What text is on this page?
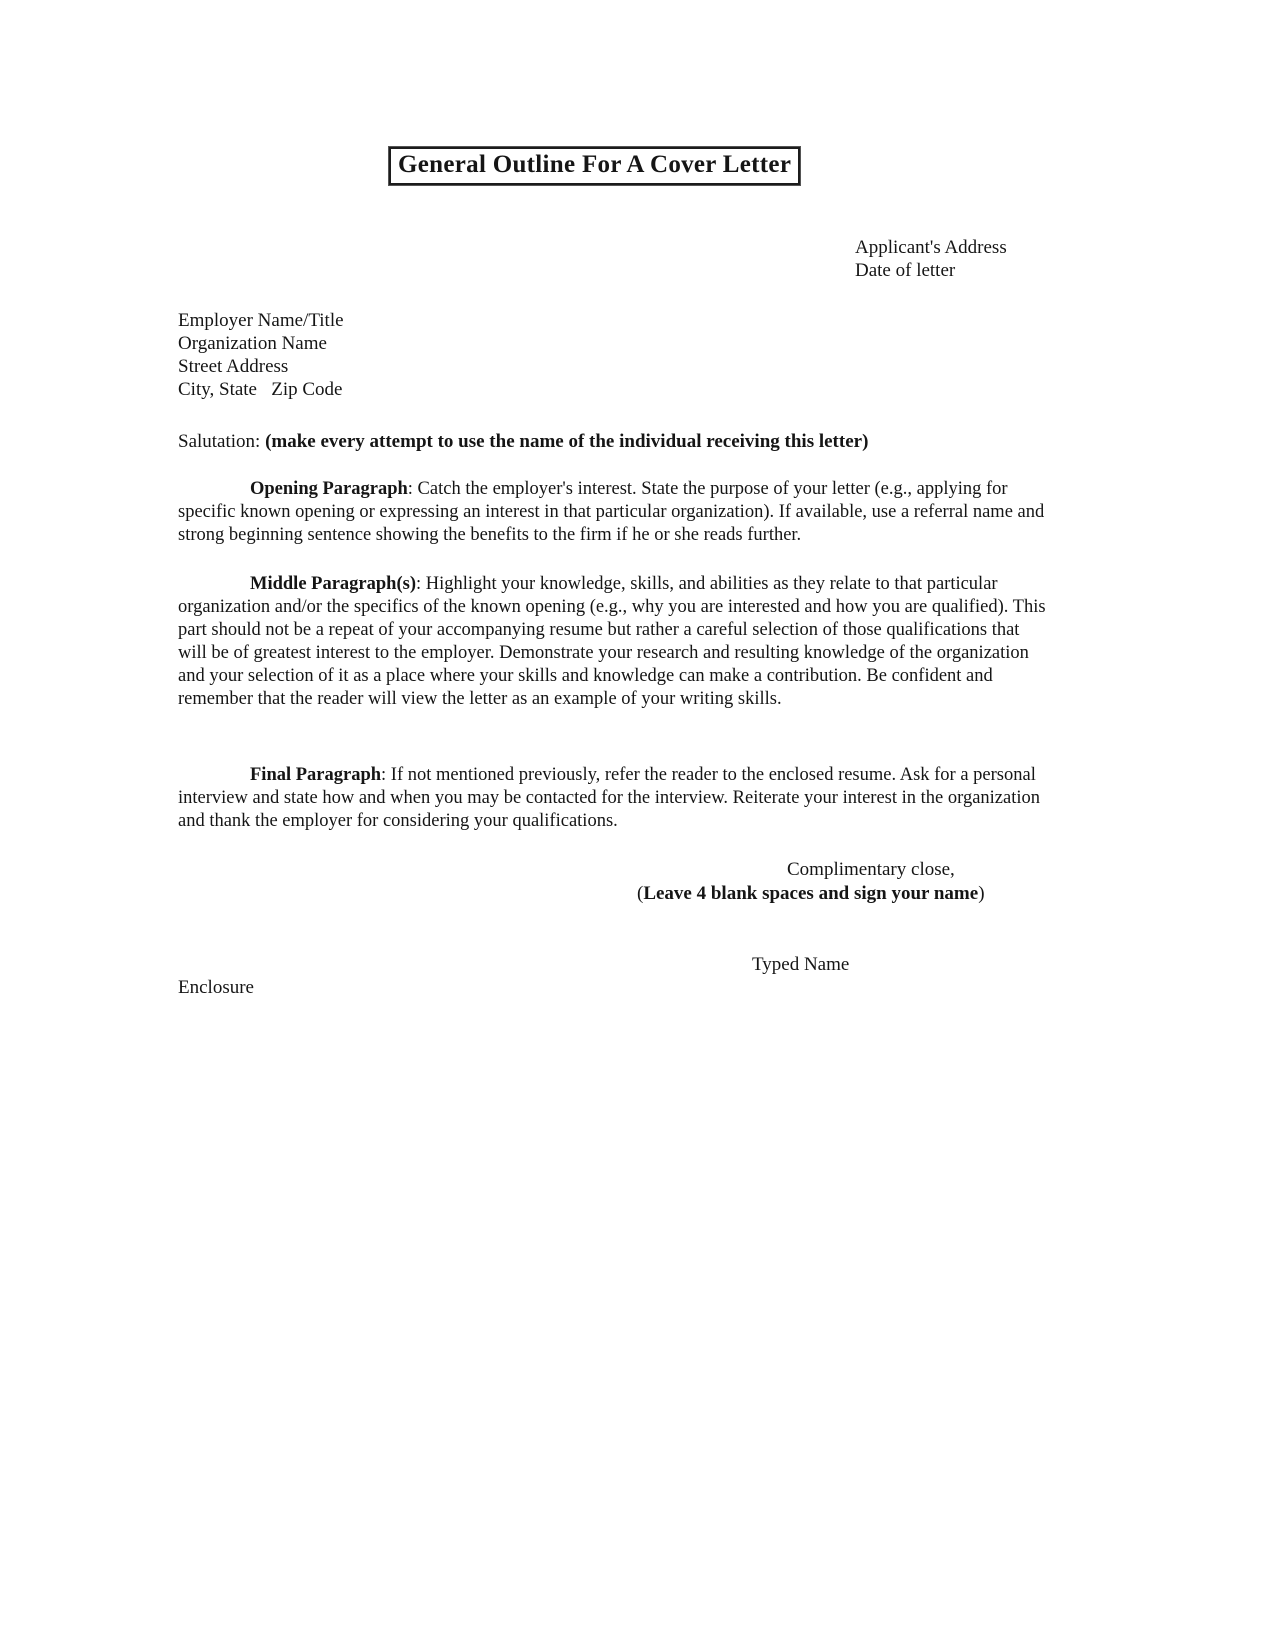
General Outline For A Cover Letter
Applicant's Address
Date of letter
Employer Name/Title
Organization Name
Street Address
City, State   Zip Code
Salutation: (make every attempt to use the name of the individual receiving this letter)
Opening Paragraph: Catch the employer's interest. State the purpose of your letter (e.g., applying for specific known opening or expressing an interest in that particular organization). If available, use a referral name and strong beginning sentence showing the benefits to the firm if he or she reads further.
Middle Paragraph(s): Highlight your knowledge, skills, and abilities as they relate to that particular organization and/or the specifics of the known opening (e.g., why you are interested and how you are qualified). This part should not be a repeat of your accompanying resume but rather a careful selection of those qualifications that will be of greatest interest to the employer. Demonstrate your research and resulting knowledge of the organization and your selection of it as a place where your skills and knowledge can make a contribution. Be confident and remember that the reader will view the letter as an example of your writing skills.
Final Paragraph: If not mentioned previously, refer the reader to the enclosed resume. Ask for a personal interview and state how and when you may be contacted for the interview. Reiterate your interest in the organization and thank the employer for considering your qualifications.
Complimentary close,
(Leave 4 blank spaces and sign your name)
Typed Name
Enclosure
